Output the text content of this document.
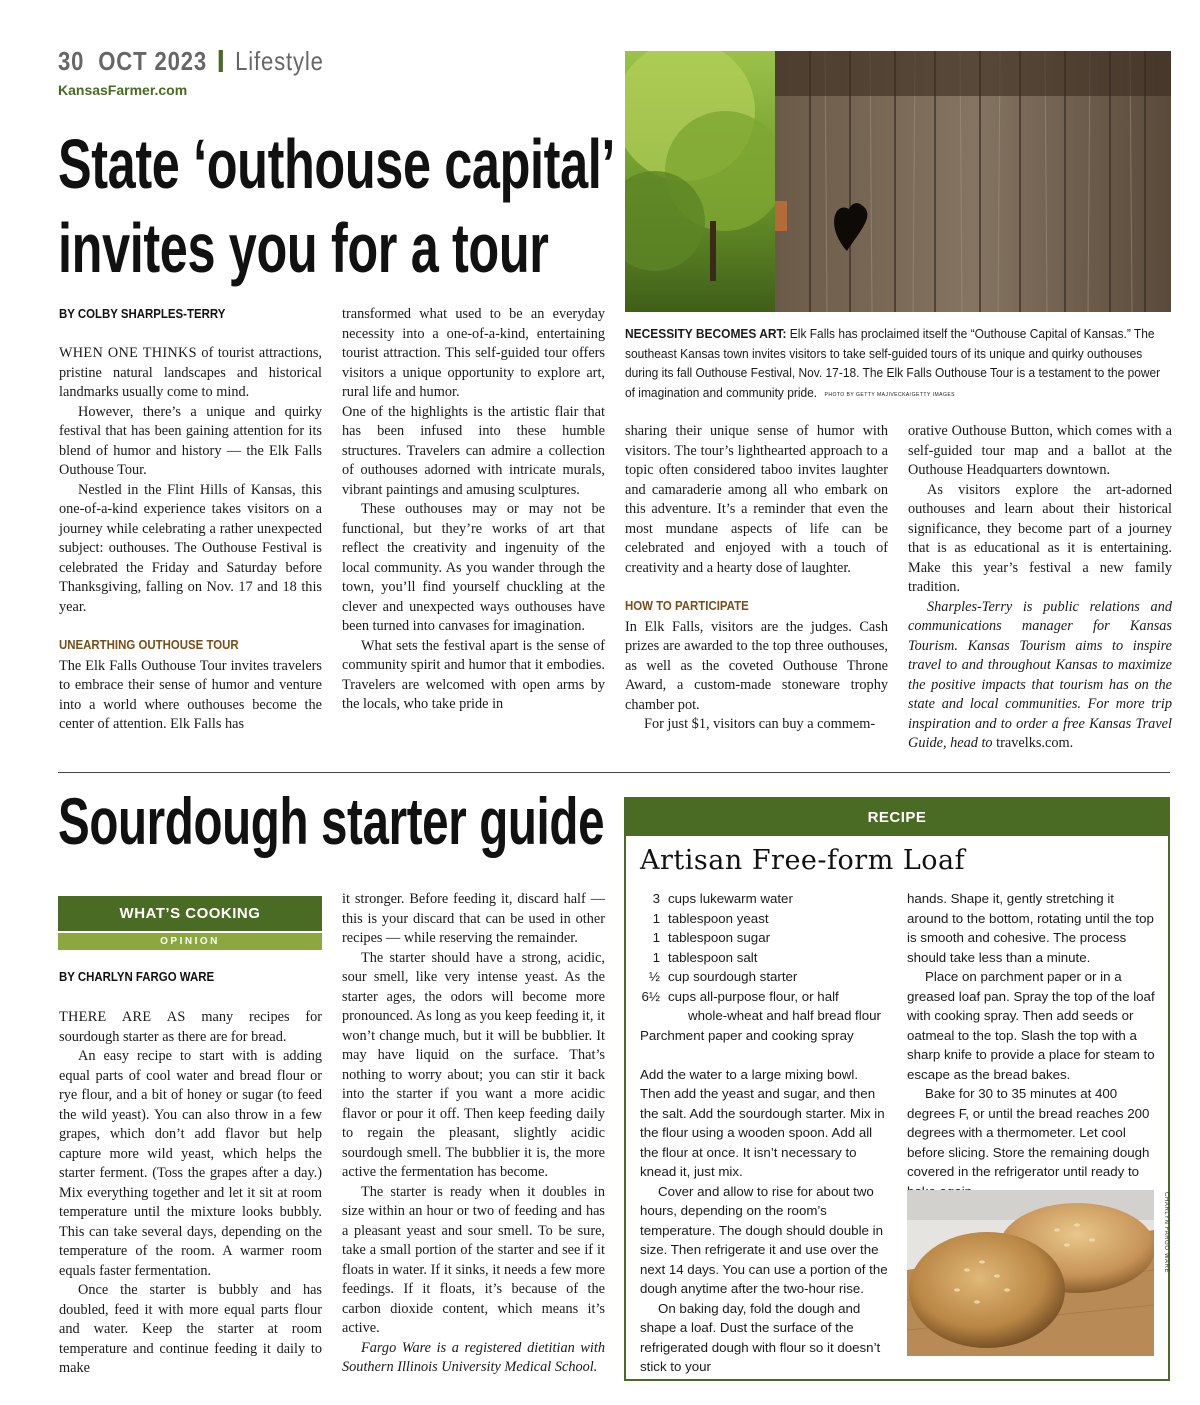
30 OCT 2023 Lifestyle
KansasFarmer.com
State ‘outhouse capital’
invites you for a tour
NECESSITY BECOMES ART: Elk Falls has proclaimed itself the “Outhouse Capital of Kansas.” The southeast Kansas town invites visitors to take self-guided tours of its unique and quirky outhouses during its fall Outhouse Festival, Nov. 17-18. The Elk Falls Outhouse Tour is a testament to the power of imagination and community pride. PHOTO BY GETTY MAJIVECKA/GETTY IMAGES
BY COLBY SHARPLES-TERRY

WHEN ONE THINKS of tourist attractions, pristine natural landscapes and historical landmarks usually come to mind.

However, there’s a unique and quirky festival that has been gaining attention for its blend of humor and history — the Elk Falls Outhouse Tour.

Nestled in the Flint Hills of Kansas, this one-of-a-kind experience takes visitors on a journey while celebrating a rather unexpected subject: outhouses. The Outhouse Festival is celebrated the Friday and Saturday before Thanksgiving, falling on Nov. 17 and 18 this year.

UNEARTHING OUTHOUSE TOUR

The Elk Falls Outhouse Tour invites travelers to embrace their sense of humor and venture into a world where outhouses become the center of attention. Elk Falls has

transformed what used to be an everyday necessity into a one-of-a-kind, entertaining tourist attraction. This self-guided tour offers visitors a unique opportunity to explore art, rural life and humor.

One of the highlights is the artistic flair that has been infused into these humble structures. Travelers can admire a collection of outhouses adorned with intricate murals, vibrant paintings and amusing sculptures.

These outhouses may or may not be functional, but they’re works of art that reflect the creativity and ingenuity of the local community. As you wander through the town, you’ll find yourself chuckling at the clever and unexpected ways outhouses have been turned into canvases for imagination.

What sets the festival apart is the sense of community spirit and humor that it embodies. Travelers are welcomed with open arms by the locals, who take pride in

sharing their unique sense of humor with visitors. The tour’s lighthearted approach to a topic often considered taboo invites laughter and camaraderie among all who embark on this adventure. It’s a reminder that even the most mundane aspects of life can be celebrated and enjoyed with a touch of creativity and a hearty dose of laughter.

HOW TO PARTICIPATE

In Elk Falls, visitors are the judges. Cash prizes are awarded to the top three outhouses, as well as the coveted Outhouse Throne Award, a custom-made stoneware trophy chamber pot.

For just $1, visitors can buy a commem-

orative Outhouse Button, which comes with a self-guided tour map and a ballot at the Outhouse Headquarters downtown.

As visitors explore the art-adorned outhouses and learn about their historical significance, they become part of a journey that is as educational as it is entertaining. Make this year’s festival a new family tradition.

Sharples-Terry is public relations and communications manager for Kansas Tourism. Kansas Tourism aims to inspire travel to and throughout Kansas to maximize the positive impacts that tourism has on the state and local communities. For more trip inspiration and to order a free Kansas Travel Guide, head to travelks.com.

Sourdough starter guide
WHAT’S COOKING
OPINION
BY CHARLYN FARGO WARE

THERE ARE AS many recipes for sourdough starter as there are for bread.

An easy recipe to start with is adding equal parts of cool water and bread flour or rye flour, and a bit of honey or sugar (to feed the wild yeast). You can also throw in a few grapes, which don’t add flavor but help capture more wild yeast, which helps the starter ferment. (Toss the grapes after a day.) Mix everything together and let it sit at room temperature until the mixture looks bubbly. This can take several days, depending on the temperature of the room. A warmer room equals faster fermentation.

Once the starter is bubbly and has doubled, feed it with more equal parts flour and water. Keep the starter at room temperature and continue feeding it daily to make

it stronger. Before feeding it, discard half — this is your discard that can be used in other recipes — while reserving the remainder.

The starter should have a strong, acidic, sour smell, like very intense yeast. As the starter ages, the odors will become more pronounced. As long as you keep feeding it, it won’t change much, but it will be bubblier. It may have liquid on the surface. That’s nothing to worry about; you can stir it back into the starter if you want a more acidic flavor or pour it off. Then keep feeding daily to regain the pleasant, slightly acidic sourdough smell. The bubblier it is, the more active the fermentation has become.

The starter is ready when it doubles in size within an hour or two of feeding and has a pleasant yeast and sour smell. To be sure, take a small portion of the starter and see if it floats in water. If it sinks, it needs a few more feedings. If it floats, it’s because of the carbon dioxide content, which means it’s active.

Fargo Ware is a registered dietitian with Southern Illinois University Medical School.

RECIPE
Artisan Free-form Loaf
3 cups lukewarm water
1 tablespoon yeast
1 tablespoon sugar
1 tablespoon salt
½ cup sourdough starter
6½ cups all-purpose flour, or half
whole-wheat and half bread flour

Parchment paper and cooking spray

Add the water to a large mixing bowl. Then add the yeast and sugar, and then the salt. Add the sourdough starter. Mix in the flour using a wooden spoon. Add all the flour at once. It isn’t necessary to knead it, just mix.

Cover and allow to rise for about two hours, depending on the room’s temperature. The dough should double in size. Then refrigerate it and use over the next 14 days. You can use a portion of the dough anytime after the two-hour rise.

On baking day, fold the dough and shape a loaf. Dust the surface of the refrigerated dough with flour so it doesn’t stick to your

hands. Shape it, gently stretching it around to the bottom, rotating until the top is smooth and cohesive. The process should take less than a minute.

Place on parchment paper or in a greased loaf pan. Spray the top of the loaf with cooking spray. Then add seeds or oatmeal to the top. Slash the top with a sharp knife to provide a place for steam to escape as the bread bakes.

Bake for 30 to 35 minutes at 400 degrees F, or until the bread reaches 200 degrees with a thermometer. Let cool before slicing. Store the remaining dough covered in the refrigerator until ready to

CHARLYN FARGO WARE
